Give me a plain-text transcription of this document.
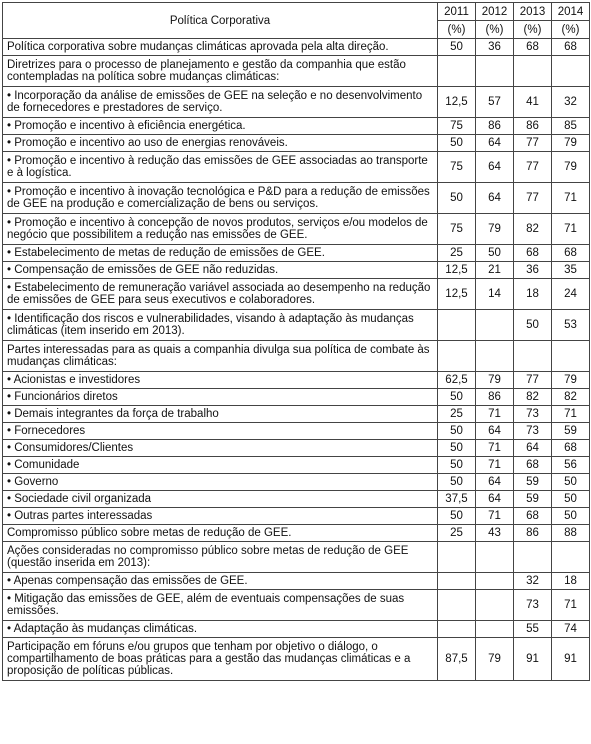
Política Corporativa	2011	2012	2013	2014
	(%)	(%)	(%)	(%)
Política corporativa sobre mudanças climáticas aprovada pela alta direção.	50	36	68	68
Diretrizes para o processo de planejamento e gestão da companhia que estão contempladas na política sobre mudanças climáticas:				
• Incorporação da análise de emissões de GEE na seleção e no desenvolvimento de fornecedores e prestadores de serviço.	12,5	57	41	32
• Promoção e incentivo à eficiência energética.	75	86	86	85
• Promoção e incentivo ao uso de energias renováveis.	50	64	77	79
• Promoção e incentivo à redução das emissões de GEE associadas ao transporte e à logística.	75	64	77	79
• Promoção e incentivo à inovação tecnológica e P&D para a redução de emissões de GEE na produção e comercialização de bens ou serviços.	50	64	77	71
• Promoção e incentivo à concepção de novos produtos, serviços e/ou modelos de negócio que possibilitem a redução nas emissões de GEE.	75	79	82	71
• Estabelecimento de metas de redução de emissões de GEE.	25	50	68	68
• Compensação de emissões de GEE não reduzidas.	12,5	21	36	35
• Estabelecimento de remuneração variável associada ao desempenho na redução de emissões de GEE para seus executivos e colaboradores.	12,5	14	18	24
• Identificação dos riscos e vulnerabilidades, visando à adaptação às mudanças climáticas (item inserido em 2013).			50	53
Partes interessadas para as quais a companhia divulga sua política de combate às mudanças climáticas:				
• Acionistas e investidores	62,5	79	77	79
• Funcionários diretos	50	86	82	82
• Demais integrantes da força de trabalho	25	71	73	71
• Fornecedores	50	64	73	59
• Consumidores/Clientes	50	71	64	68
• Comunidade	50	71	68	56
• Governo	50	64	59	50
• Sociedade civil organizada	37,5	64	59	50
• Outras partes interessadas	50	71	68	50
Compromisso público sobre metas de redução de GEE.	25	43	86	88
Ações consideradas no compromisso público sobre metas de redução de GEE (questão inserida em 2013):				
• Apenas compensação das emissões de GEE.			32	18
• Mitigação das emissões de GEE, além de eventuais compensações de suas emissões.			73	71
• Adaptação às mudanças climáticas.			55	74
Participação em fóruns e/ou grupos que tenham por objetivo o diálogo, o compartilhamento de boas práticas para a gestão das mudanças climáticas e a proposição de políticas públicas.	87,5	79	91	91
